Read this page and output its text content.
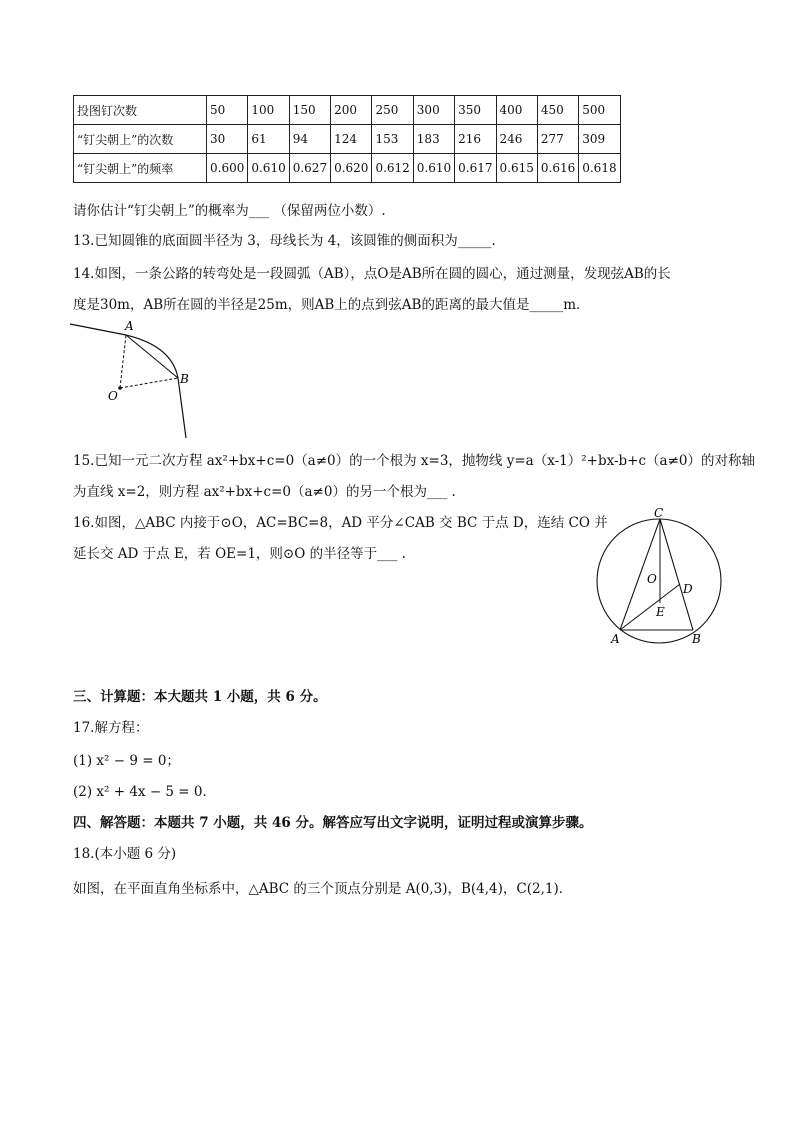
投图钉次数	50	100	150	200	250	300	350	400	450	500
“钉尖朝上”的次数	30	61	94	124	153	183	216	246	277	309
“钉尖朝上”的频率	0.600	0.610	0.627	0.620	0.612	0.610	0.617	0.615	0.616	0.618
请你估计“钉尖朝上”的概率为___ （保留两位小数）.
13.已知圆锥的底面圆半径为 3，母线长为 4，该圆锥的侧面积为_____.
14.如图，一条公路的转弯处是一段圆弧（AB），点O是AB所在圆的圆心，通过测量，发现弦AB的长
度是30m，AB所在圆的半径是25m，则AB上的点到弦AB的距离的最大值是_____m．
A
B
O
15.已知一元二次方程 ax²+bx+c=0（a≠0）的一个根为 x=3，抛物线 y=a（x-1）²+bx-b+c（a≠0）的对称轴
为直线 x=2，则方程 ax²+bx+c=0（a≠0）的另一个根为___ .
16.如图，△ABC 内接于⊙O，AC=BC=8，AD 平分∠CAB 交 BC 于点 D，连结 CO 并
延长交 AD 于点 E，若 OE=1，则⊙O 的半径等于___ .
C
O
D
E
A	B
三、计算题：本大题共 1 小题，共 6 分。
17.解方程：
(1) x² − 9 = 0；
(2) x² + 4x − 5 = 0．
四、解答题：本题共 7 小题，共 46 分。解答应写出文字说明，证明过程或演算步骤。
18.(本小题 6 分)
如图，在平面直角坐标系中，△ABC 的三个顶点分别是 A(0,3)，B(4,4)，C(2,1)．
